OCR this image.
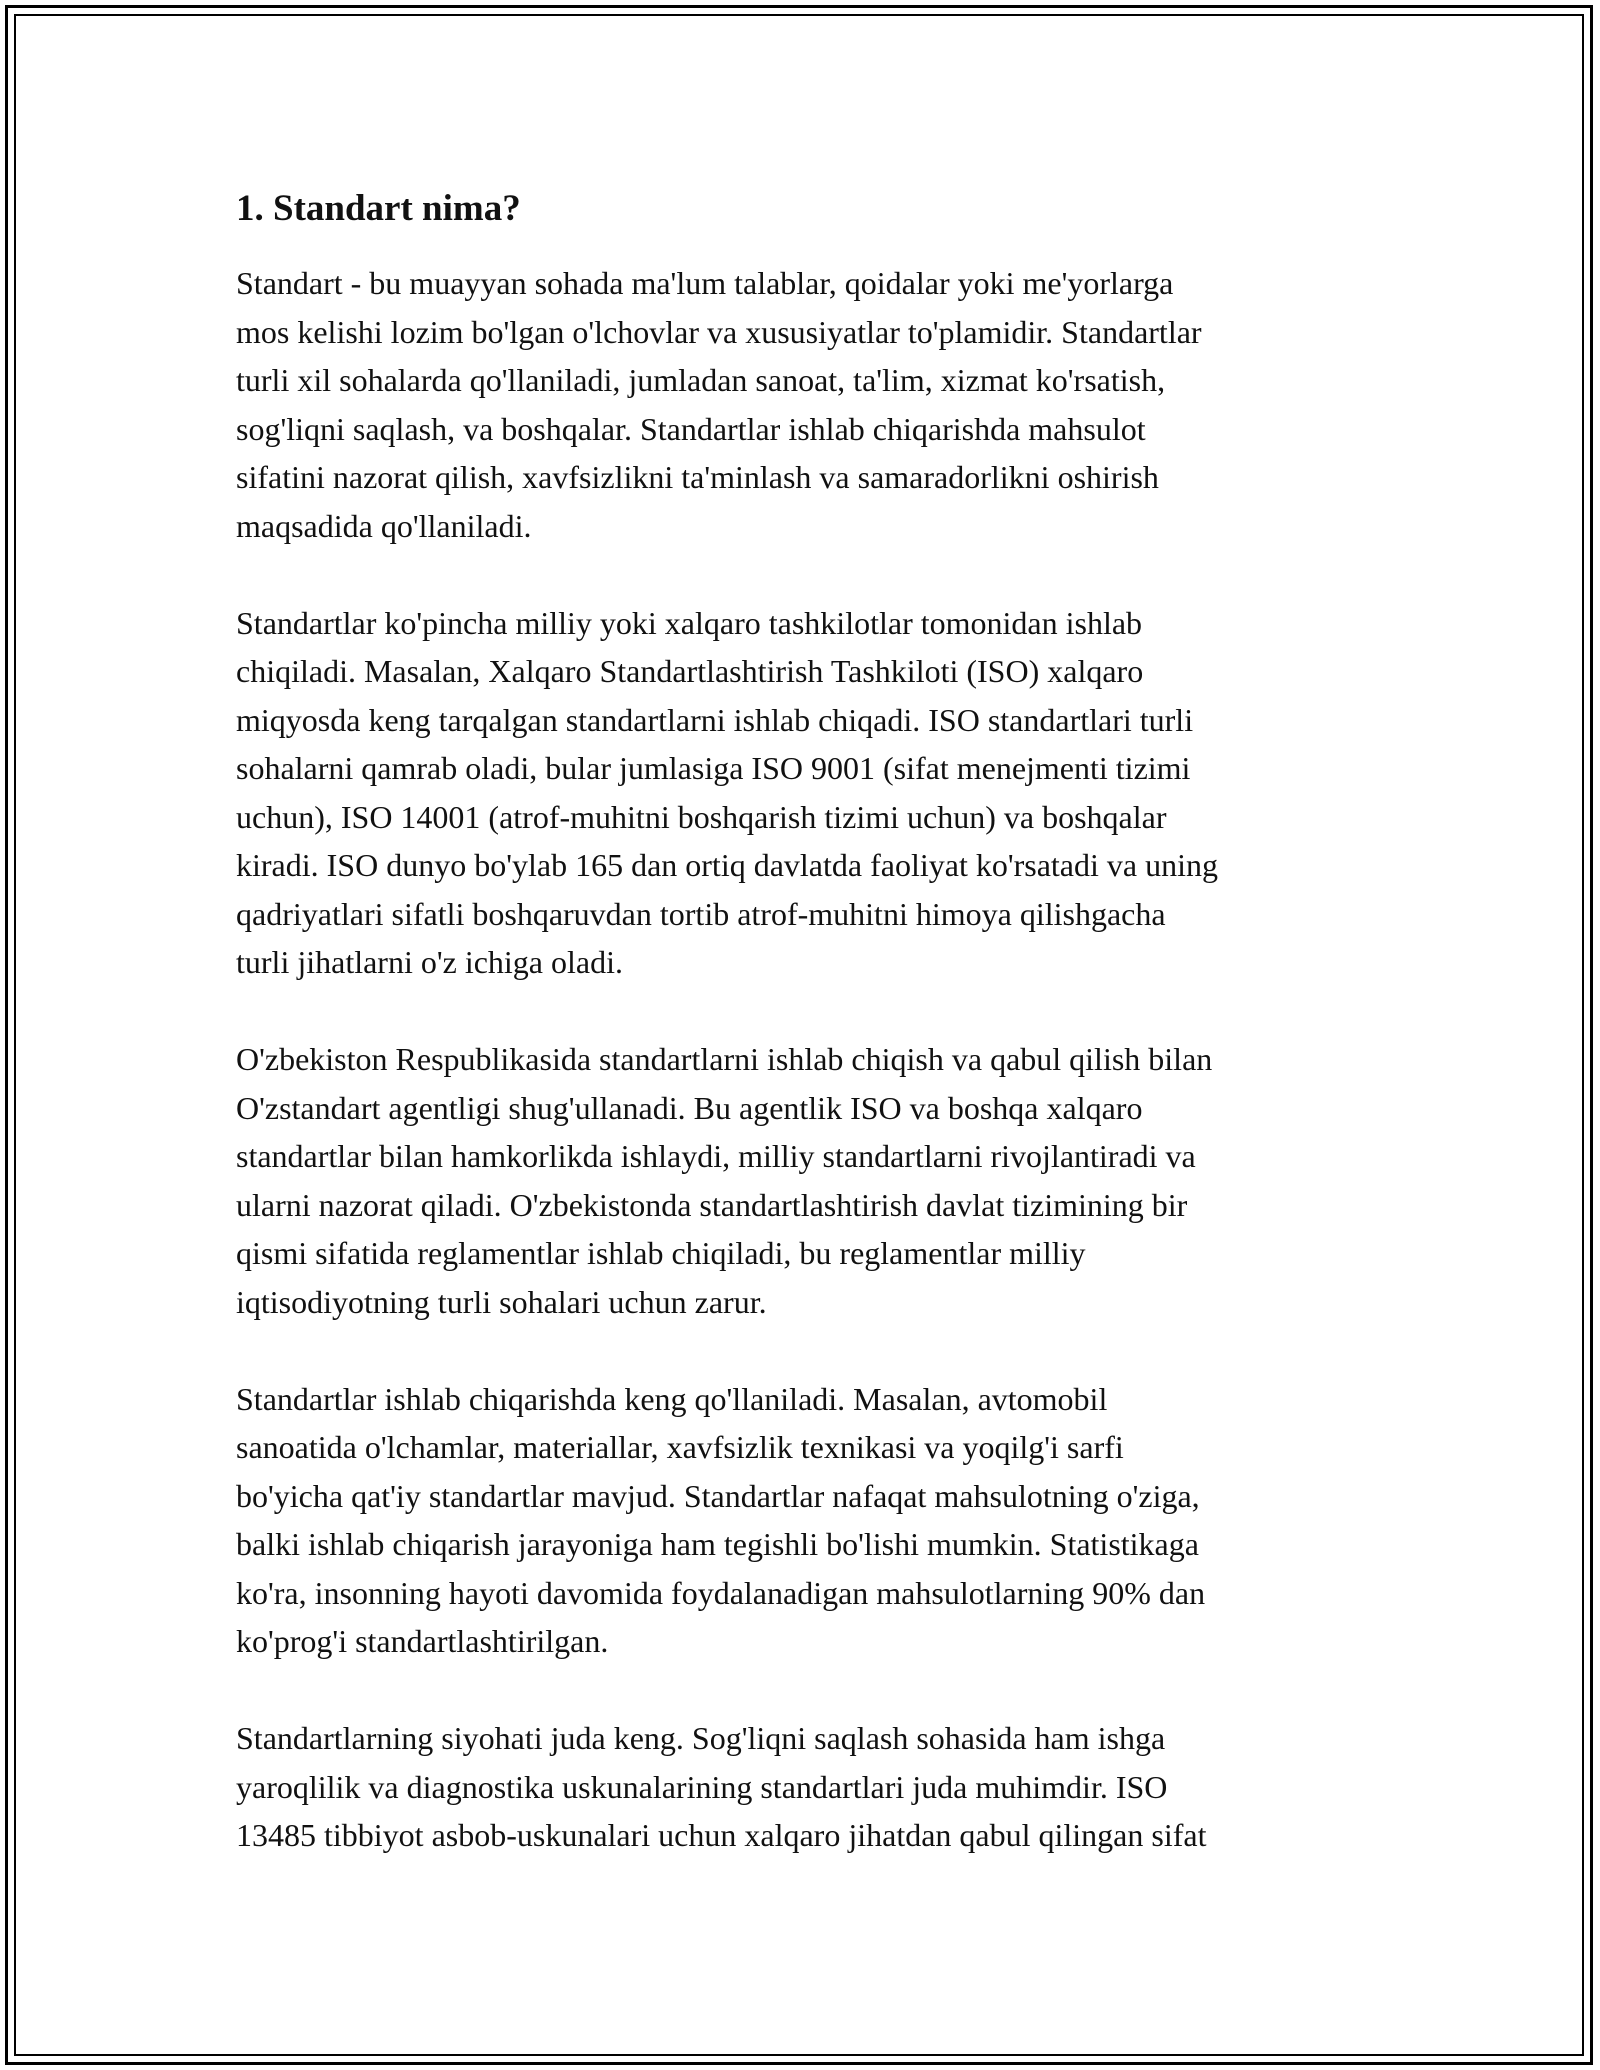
1. Standart nima?
Standart - bu muayyan sohada ma'lum talablar, qoidalar yoki me'yorlarga
mos kelishi lozim bo'lgan o'lchovlar va xususiyatlar to'plamidir. Standartlar
turli xil sohalarda qo'llaniladi, jumladan sanoat, ta'lim, xizmat ko'rsatish,
sog'liqni saqlash, va boshqalar. Standartlar ishlab chiqarishda mahsulot
sifatini nazorat qilish, xavfsizlikni ta'minlash va samaradorlikni oshirish
maqsadida qo'llaniladi.
Standartlar ko'pincha milliy yoki xalqaro tashkilotlar tomonidan ishlab
chiqiladi. Masalan, Xalqaro Standartlashtirish Tashkiloti (ISO) xalqaro
miqyosda keng tarqalgan standartlarni ishlab chiqadi. ISO standartlari turli
sohalarni qamrab oladi, bular jumlasiga ISO 9001 (sifat menejmenti tizimi
uchun), ISO 14001 (atrof-muhitni boshqarish tizimi uchun) va boshqalar
kiradi. ISO dunyo bo'ylab 165 dan ortiq davlatda faoliyat ko'rsatadi va uning
qadriyatlari sifatli boshqaruvdan tortib atrof-muhitni himoya qilishgacha
turli jihatlarni o'z ichiga oladi.
O'zbekiston Respublikasida standartlarni ishlab chiqish va qabul qilish bilan
O'zstandart agentligi shug'ullanadi. Bu agentlik ISO va boshqa xalqaro
standartlar bilan hamkorlikda ishlaydi, milliy standartlarni rivojlantiradi va
ularni nazorat qiladi. O'zbekistonda standartlashtirish davlat tizimining bir
qismi sifatida reglamentlar ishlab chiqiladi, bu reglamentlar milliy
iqtisodiyotning turli sohalari uchun zarur.
Standartlar ishlab chiqarishda keng qo'llaniladi. Masalan, avtomobil
sanoatida o'lchamlar, materiallar, xavfsizlik texnikasi va yoqilg'i sarfi
bo'yicha qat'iy standartlar mavjud. Standartlar nafaqat mahsulotning o'ziga,
balki ishlab chiqarish jarayoniga ham tegishli bo'lishi mumkin. Statistikaga
ko'ra, insonning hayoti davomida foydalanadigan mahsulotlarning 90% dan
ko'prog'i standartlashtirilgan.
Standartlarning siyohati juda keng. Sog'liqni saqlash sohasida ham ishga
yaroqlilik va diagnostika uskunalarining standartlari juda muhimdir. ISO
13485 tibbiyot asbob-uskunalari uchun xalqaro jihatdan qabul qilingan sifat
